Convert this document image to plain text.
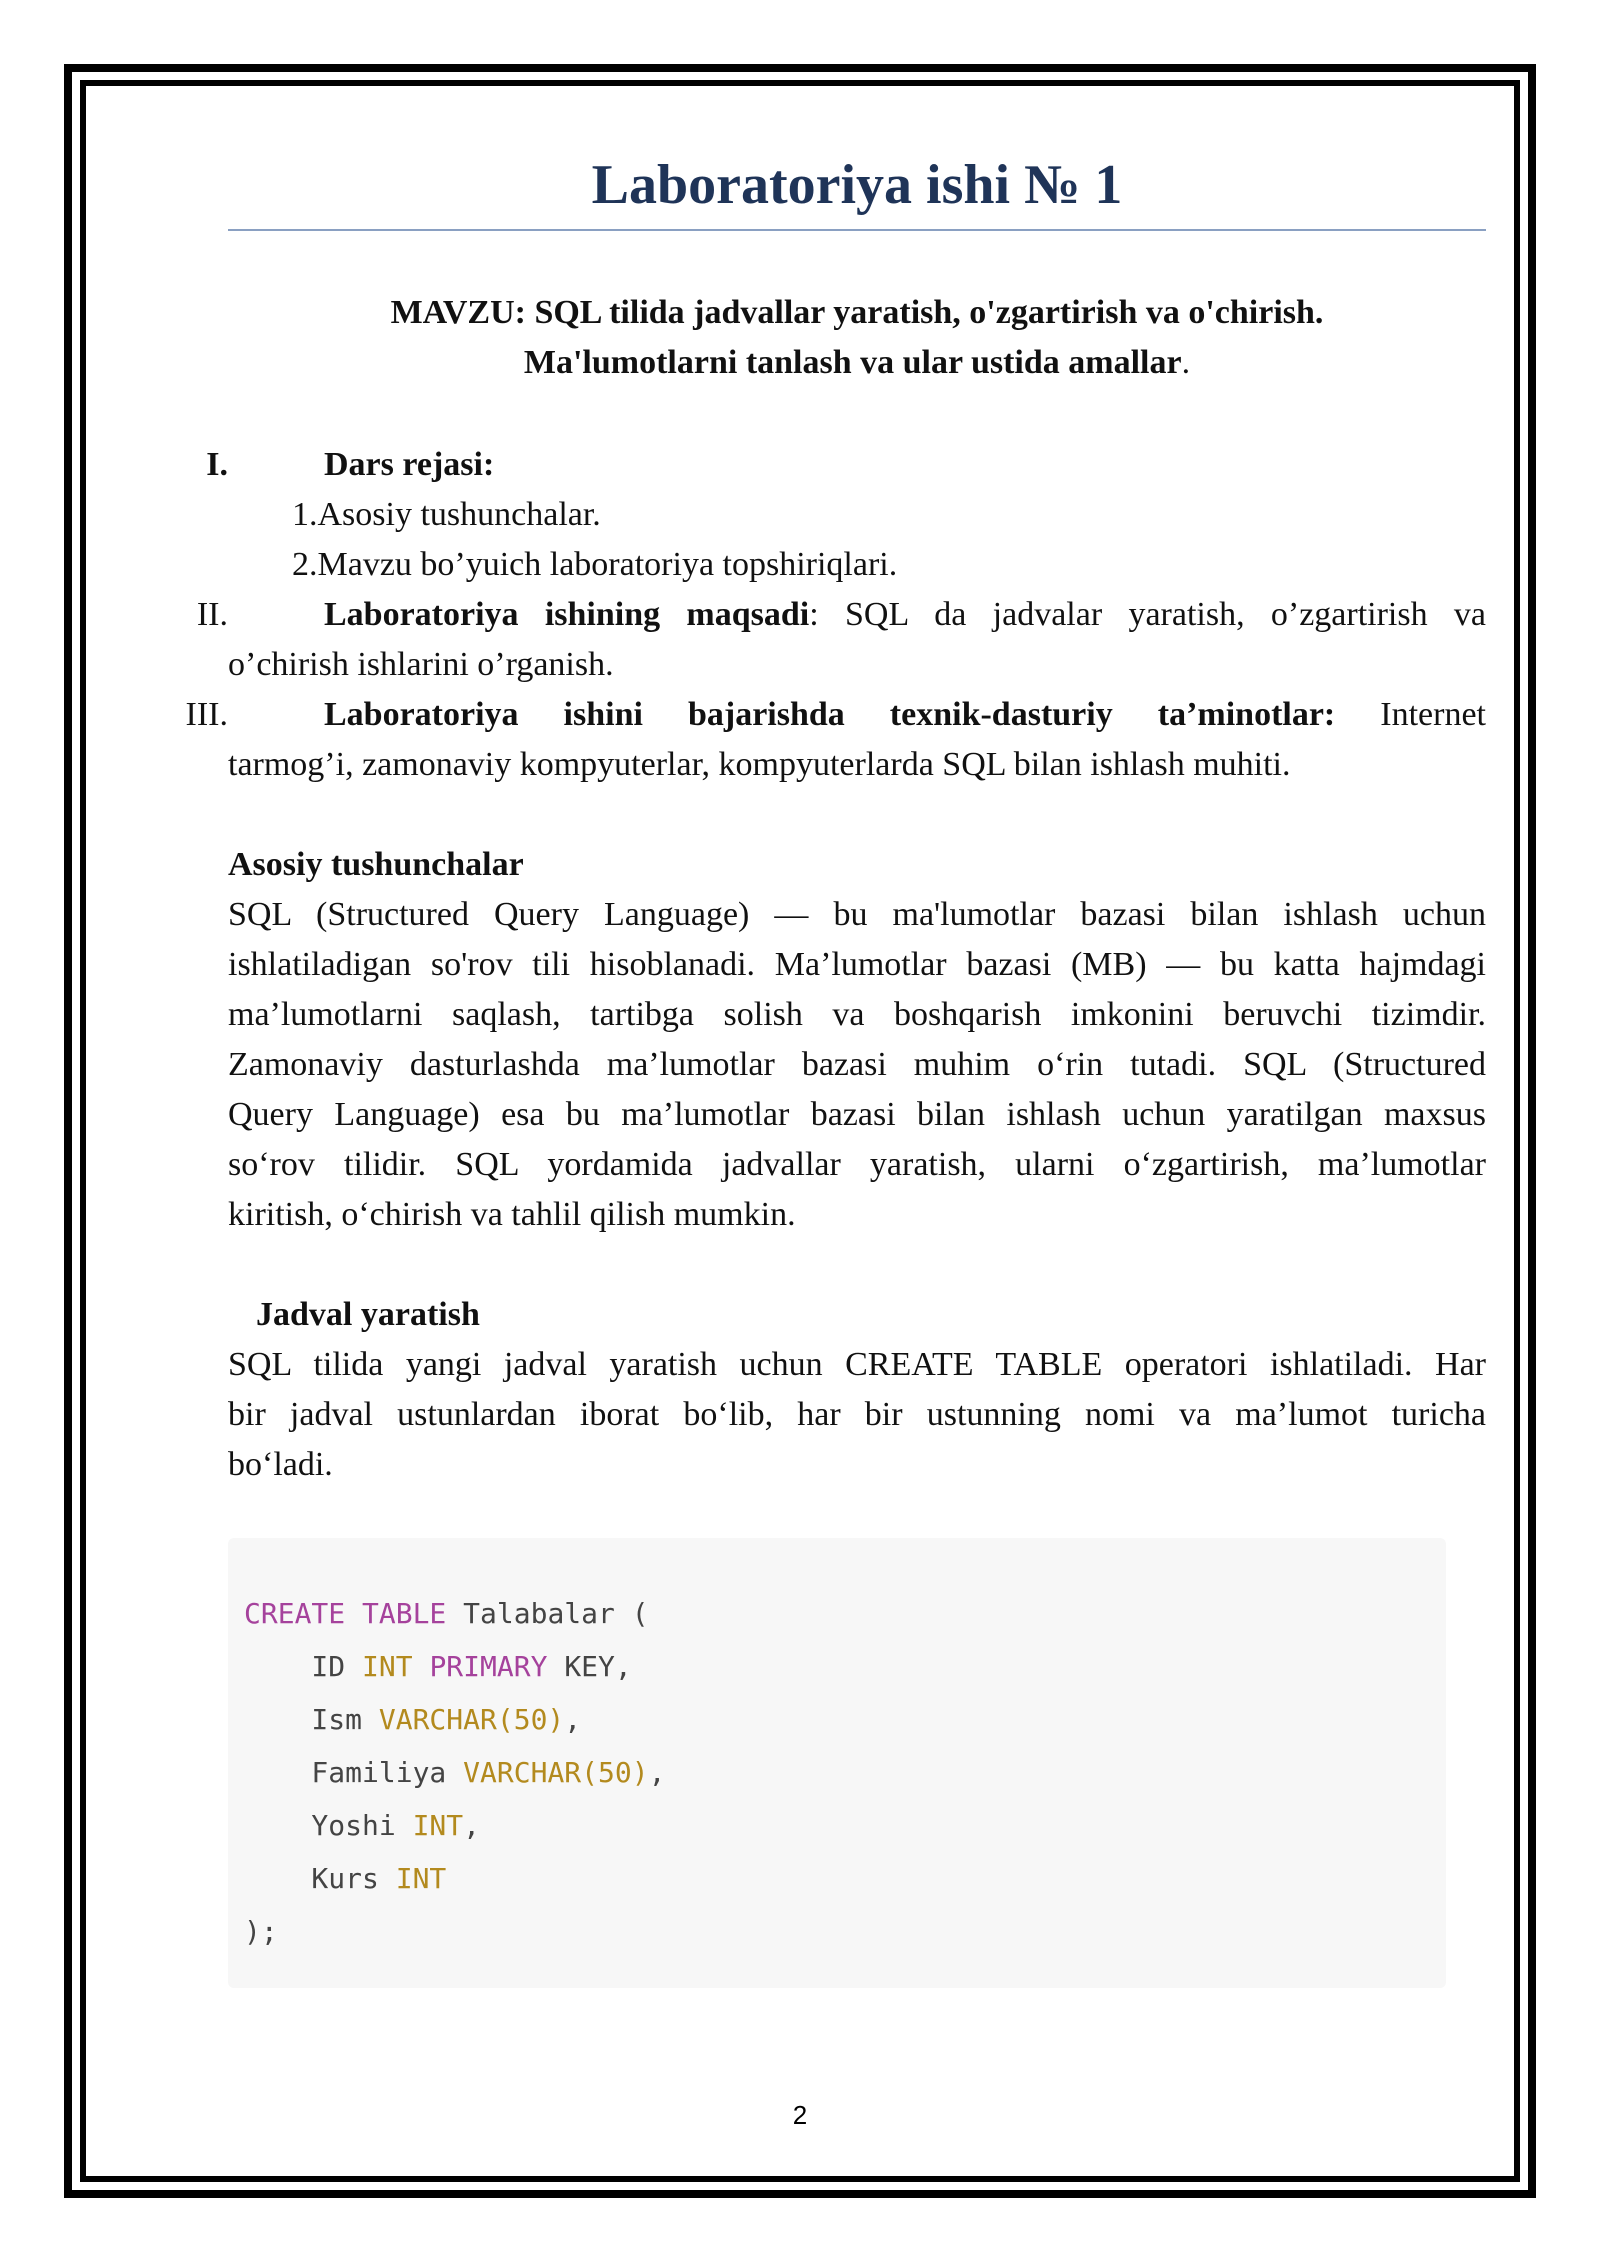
Laboratoriya ishi № 1
MAVZU: SQL tilida jadvallar yaratish, o'zgartirish va o'chirish.
Ma'lumotlarni tanlash va ular ustida amallar.
I.	Dars rejasi:
1.Asosiy tushunchalar.
2.Mavzu bo’yuich laboratoriya topshiriqlari.
II.	Laboratoriya ishining maqsadi: SQL da jadvalar yaratish, o’zgartirish va
o’chirish ishlarini o’rganish.
III.	Laboratoriya ishini bajarishda texnik-dasturiy ta’minotlar: Internet
tarmog’i, zamonaviy kompyuterlar, kompyuterlarda SQL bilan ishlash muhiti.
Asosiy tushunchalar
SQL (Structured Query Language) — bu ma'lumotlar bazasi bilan ishlash uchun
ishlatiladigan so'rov tili hisoblanadi. Ma’lumotlar bazasi (MB) — bu katta hajmdagi
ma’lumotlarni saqlash, tartibga solish va boshqarish imkonini beruvchi tizimdir.
Zamonaviy dasturlashda ma’lumotlar bazasi muhim o‘rin tutadi. SQL (Structured
Query Language) esa bu ma’lumotlar bazasi bilan ishlash uchun yaratilgan maxsus
so‘rov tilidir. SQL yordamida jadvallar yaratish, ularni o‘zgartirish, ma’lumotlar
kiritish, o‘chirish va tahlil qilish mumkin.
Jadval yaratish
SQL tilida yangi jadval yaratish uchun CREATE TABLE operatori ishlatiladi. Har
bir jadval ustunlardan iborat bo‘lib, har bir ustunning nomi va ma’lumot turicha
bo‘ladi.
CREATE TABLE Talabalar (
ID INT PRIMARY KEY,
Ism VARCHAR(50),
Familiya VARCHAR(50),
Yoshi INT,
Kurs INT
);
2
